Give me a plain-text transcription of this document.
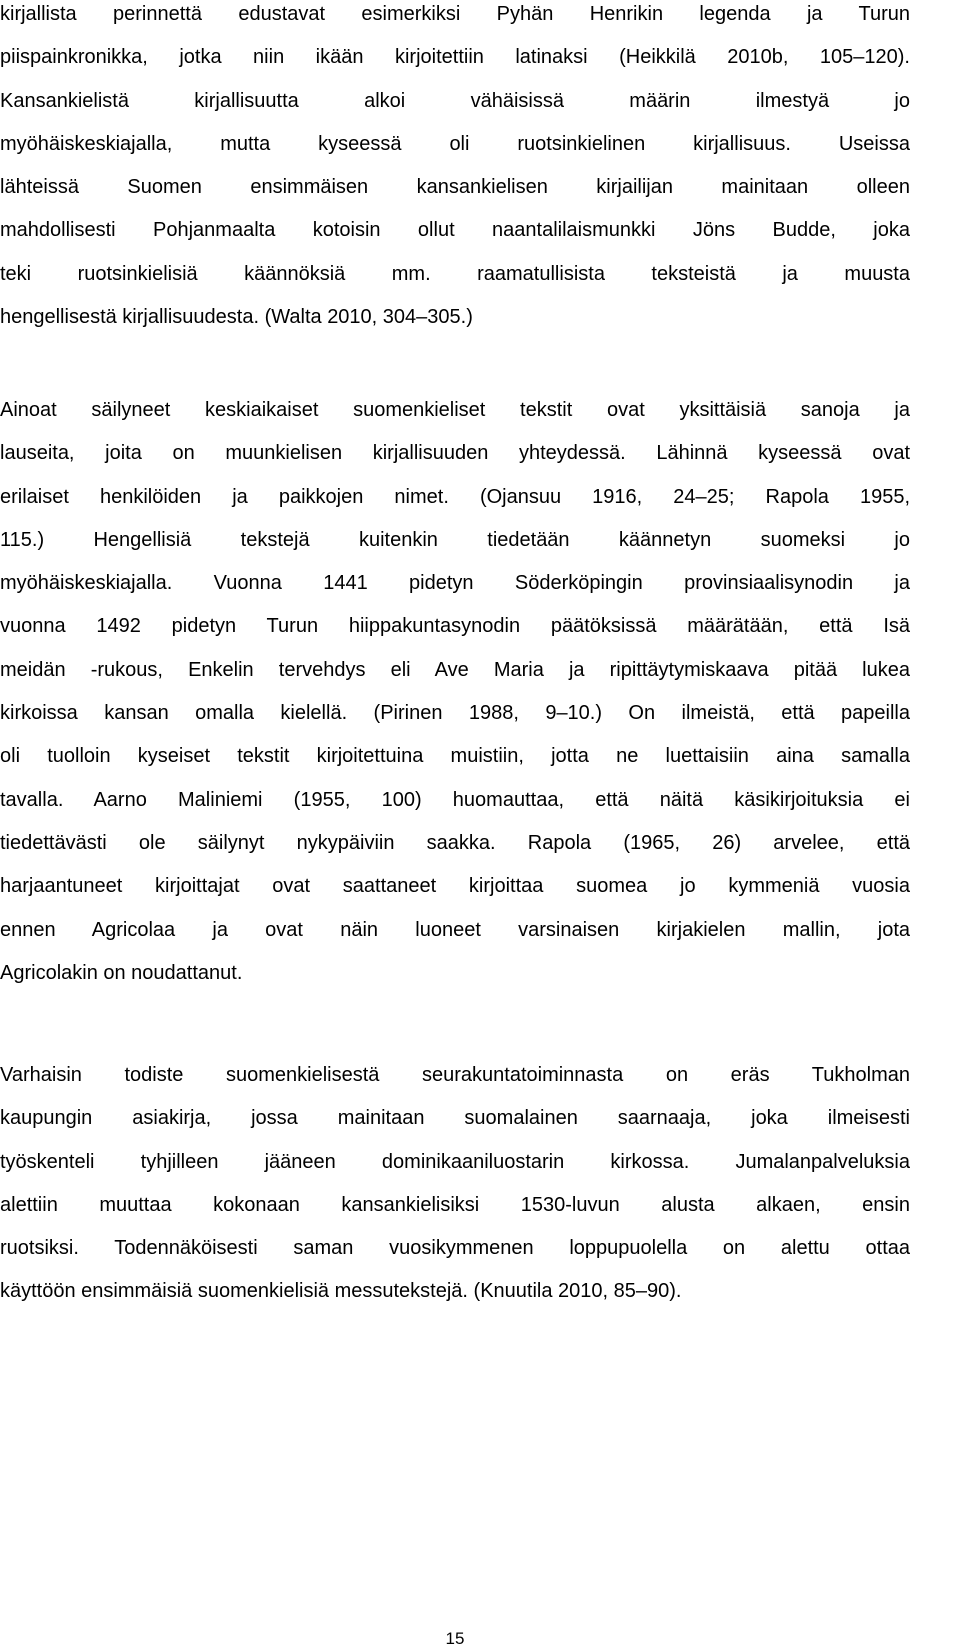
kirjallista perinnettä edustavat esimerkiksi Pyhän Henrikin legenda ja Turun
piispainkronikka, jotka niin ikään kirjoitettiin latinaksi (Heikkilä 2010b, 105–120).
Kansankielistä kirjallisuutta alkoi vähäisissä määrin ilmestyä jo
myöhäiskeskiajalla, mutta kyseessä oli ruotsinkielinen kirjallisuus. Useissa
lähteissä Suomen ensimmäisen kansankielisen kirjailijan mainitaan olleen
mahdollisesti Pohjanmaalta kotoisin ollut naantalilaismunkki Jöns Budde, joka
teki ruotsinkielisiä käännöksiä mm. raamatullisista teksteistä ja muusta
hengellisestä kirjallisuudesta. (Walta 2010, 304–305.)
Ainoat säilyneet keskiaikaiset suomenkieliset tekstit ovat yksittäisiä sanoja ja
lauseita, joita on muunkielisen kirjallisuuden yhteydessä. Lähinnä kyseessä ovat
erilaiset henkilöiden ja paikkojen nimet. (Ojansuu 1916, 24–25; Rapola 1955,
115.) Hengellisiä tekstejä kuitenkin tiedetään käännetyn suomeksi jo
myöhäiskeskiajalla. Vuonna 1441 pidetyn Söderköpingin provinsiaalisynodin ja
vuonna 1492 pidetyn Turun hiippakuntasynodin päätöksissä määrätään, että Isä
meidän -rukous, Enkelin tervehdys eli Ave Maria ja ripittäytymiskaava pitää lukea
kirkoissa kansan omalla kielellä. (Pirinen 1988, 9–10.) On ilmeistä, että papeilla
oli tuolloin kyseiset tekstit kirjoitettuina muistiin, jotta ne luettaisiin aina samalla
tavalla. Aarno Maliniemi (1955, 100) huomauttaa, että näitä käsikirjoituksia ei
tiedettävästi ole säilynyt nykypäiviin saakka. Rapola (1965, 26) arvelee, että
harjaantuneet kirjoittajat ovat saattaneet kirjoittaa suomea jo kymmeniä vuosia
ennen Agricolaa ja ovat näin luoneet varsinaisen kirjakielen mallin, jota
Agricolakin on noudattanut.
Varhaisin todiste suomenkielisestä seurakuntatoiminnasta on eräs Tukholman
kaupungin asiakirja, jossa mainitaan suomalainen saarnaaja, joka ilmeisesti
työskenteli tyhjilleen jääneen dominikaaniluostarin kirkossa. Jumalanpalveluksia
alettiin muuttaa kokonaan kansankielisiksi 1530-luvun alusta alkaen, ensin
ruotsiksi. Todennäköisesti saman vuosikymmenen loppupuolella on alettu ottaa
käyttöön ensimmäisiä suomenkielisiä messutekstejä. (Knuutila 2010, 85–90).
15
